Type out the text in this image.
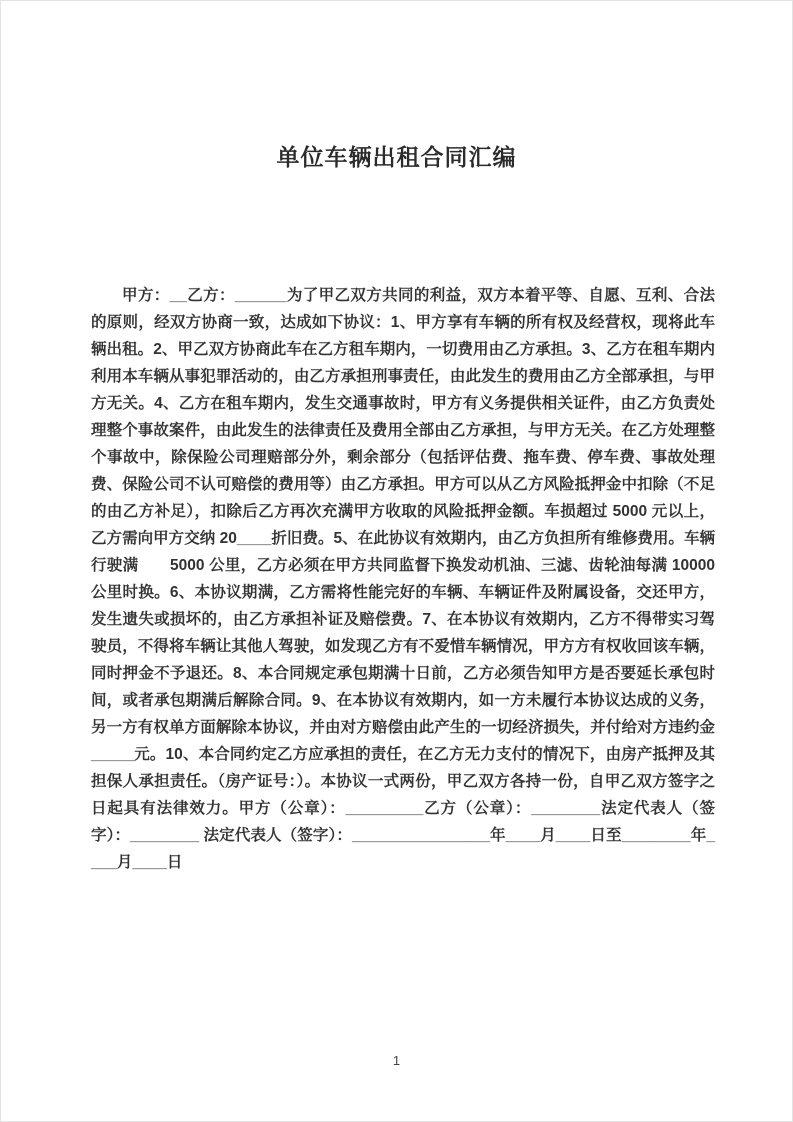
单位车辆出租合同汇编

甲方：__乙方：______为了甲乙双方共同的利益，双方本着平等、自愿、互利、合法的原则，经双方协商一致，达成如下协议：1、甲方享有车辆的所有权及经营权，现将此车辆出租。2、甲乙双方协商此车在乙方租车期内，一切费用由乙方承担。3、乙方在租车期内利用本车辆从事犯罪活动的，由乙方承担刑事责任，由此发生的费用由乙方全部承担，与甲方无关。4、乙方在租车期内，发生交通事故时，甲方有义务提供相关证件，由乙方负责处理整个事故案件，由此发生的法律责任及费用全部由乙方承担，与甲方无关。在乙方处理整个事故中，除保险公司理赔部分外，剩余部分（包括评估费、拖车费、停车费、事故处理费、保险公司不认可赔偿的费用等）由乙方承担。甲方可以从乙方风险抵押金中扣除（不足的由乙方补足），扣除后乙方再次充满甲方收取的风险抵押金额。车损超过 5000 元以上，乙方需向甲方交纳 20____折旧费。5、在此协议有效期内，由乙方负担所有维修费用。车辆行驶满　　5000 公里，乙方必须在甲方共同监督下换发动机油、三滤、齿轮油每满 10000 公里时换。6、本协议期满，乙方需将性能完好的车辆、车辆证件及附属设备，交还甲方，发生遗失或损坏的，由乙方承担补证及赔偿费。7、在本协议有效期内，乙方不得带实习驾驶员，不得将车辆让其他人驾驶，如发现乙方有不爱惜车辆情况，甲方方有权收回该车辆，同时押金不予退还。8、本合同规定承包期满十日前，乙方必须告知甲方是否要延长承包时间，或者承包期满后解除合同。9、在本协议有效期内，如一方未履行本协议达成的义务，另一方有权单方面解除本协议，并由对方赔偿由此产生的一切经济损失，并付给对方违约金_____元。10、本合同约定乙方应承担的责任，在乙方无力支付的情况下，由房产抵押及其担保人承担责任。（房产证号：）。本协议一式两份，甲乙双方各持一份，自甲乙双方签字之日起具有法律效力。甲方（公章）：_________乙方（公章）：________法定代表人（签字）：________ 法定代表人（签字）：________________年____月____日至________年____月____日

1
